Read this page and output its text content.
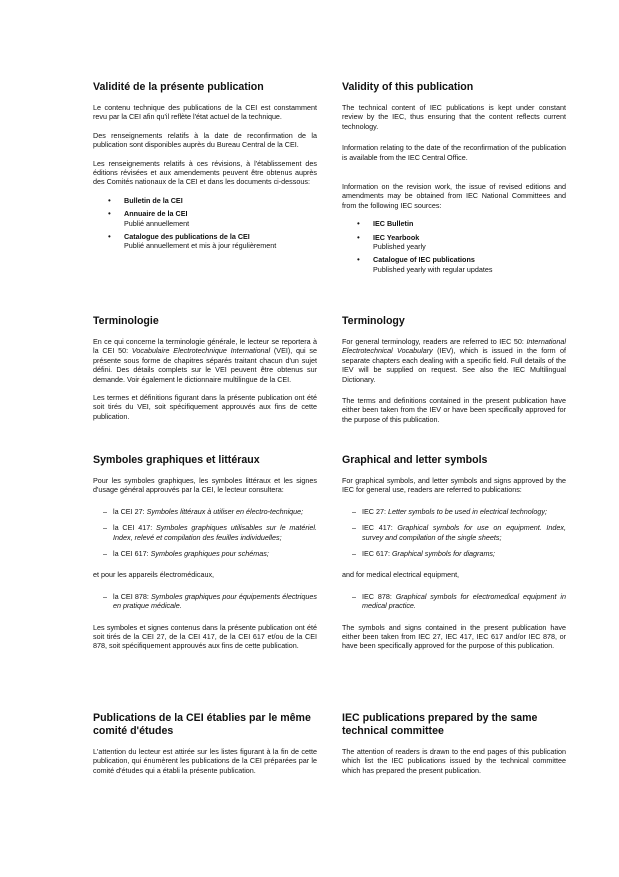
Validité de la présente publication

Le contenu technique des publications de la CEI est constamment revu par la CEI afin qu'il reflète l'état actuel de la technique.

Des renseignements relatifs à la date de reconfirmation de la publication sont disponibles auprès du Bureau Central de la CEI.

Les renseignements relatifs à ces révisions, à l'établissement des éditions révisées et aux amendements peuvent être obtenus auprès des Comités nationaux de la CEI et dans les documents ci-dessous:

• Bulletin de la CEI
• Annuaire de la CEI
Publié annuellement
• Catalogue des publications de la CEI
Publié annuellement et mis à jour régulièrement
Terminologie

En ce qui concerne la terminologie générale, le lecteur se reportera à la CEI 50: Vocabulaire Electrotechnique International (VEI), qui se présente sous forme de chapitres séparés traitant chacun d'un sujet défini. Des détails complets sur le VEI peuvent être obtenus sur demande. Voir également le dictionnaire multilingue de la CEI.

Les termes et définitions figurant dans la présente publication ont été soit tirés du VEI, soit spécifiquement approuvés aux fins de cette publication.

Symboles graphiques et littéraux

Pour les symboles graphiques, les symboles littéraux et les signes d'usage général approuvés par la CEI, le lecteur consultera:

– la CEI 27: Symboles littéraux à utiliser en électro-technique;
– la CEI 417: Symboles graphiques utilisables sur le matériel. Index, relevé et compilation des feuilles individuelles;
– la CEI 617: Symboles graphiques pour schémas;

et pour les appareils électromédicaux,

– la CEI 878: Symboles graphiques pour équipements électriques en pratique médicale.

Les symboles et signes contenus dans la présente publication ont été soit tirés de la CEI 27, de la CEI 417, de la CEI 617 et/ou de la CEI 878, soit spécifiquement approuvés aux fins de cette publication.

Publications de la CEI établies par le même comité d'études

L'attention du lecteur est attirée sur les listes figurant à la fin de cette publication, qui énumèrent les publications de la CEI préparées par le comité d'études qui a établi la présente publication.

Validity of this publication

The technical content of IEC publications is kept under constant review by the IEC, thus ensuring that the content reflects current technology.

Information relating to the date of the reconfirmation of the publication is available from the IEC Central Office.

Information on the revision work, the issue of revised editions and amendments may be obtained from IEC National Committees and from the following IEC sources:

• IEC Bulletin
• IEC Yearbook
Published yearly
• Catalogue of IEC publications
Published yearly with regular updates
Terminology

For general terminology, readers are referred to IEC 50: International Electrotechnical Vocabulary (IEV), which is issued in the form of separate chapters each dealing with a specific field. Full details of the IEV will be supplied on request. See also the IEC Multilingual Dictionary.

The terms and definitions contained in the present publication have either been taken from the IEV or have been specifically approved for the purpose of this publication.

Graphical and letter symbols

For graphical symbols, and letter symbols and signs approved by the IEC for general use, readers are referred to publications:

– IEC 27: Letter symbols to be used in electrical technology;
– IEC 417: Graphical symbols for use on equipment. Index, survey and compilation of the single sheets;
– IEC 617: Graphical symbols for diagrams;

and for medical electrical equipment,

– IEC 878: Graphical symbols for electromedical equipment in medical practice.

The symbols and signs contained in the present publication have either been taken from IEC 27, IEC 417, IEC 617 and/or IEC 878, or have been specifically approved for the purpose of this publication.

IEC publications prepared by the same technical committee

The attention of readers is drawn to the end pages of this publication which list the IEC publications issued by the technical committee which has prepared the present publication.
